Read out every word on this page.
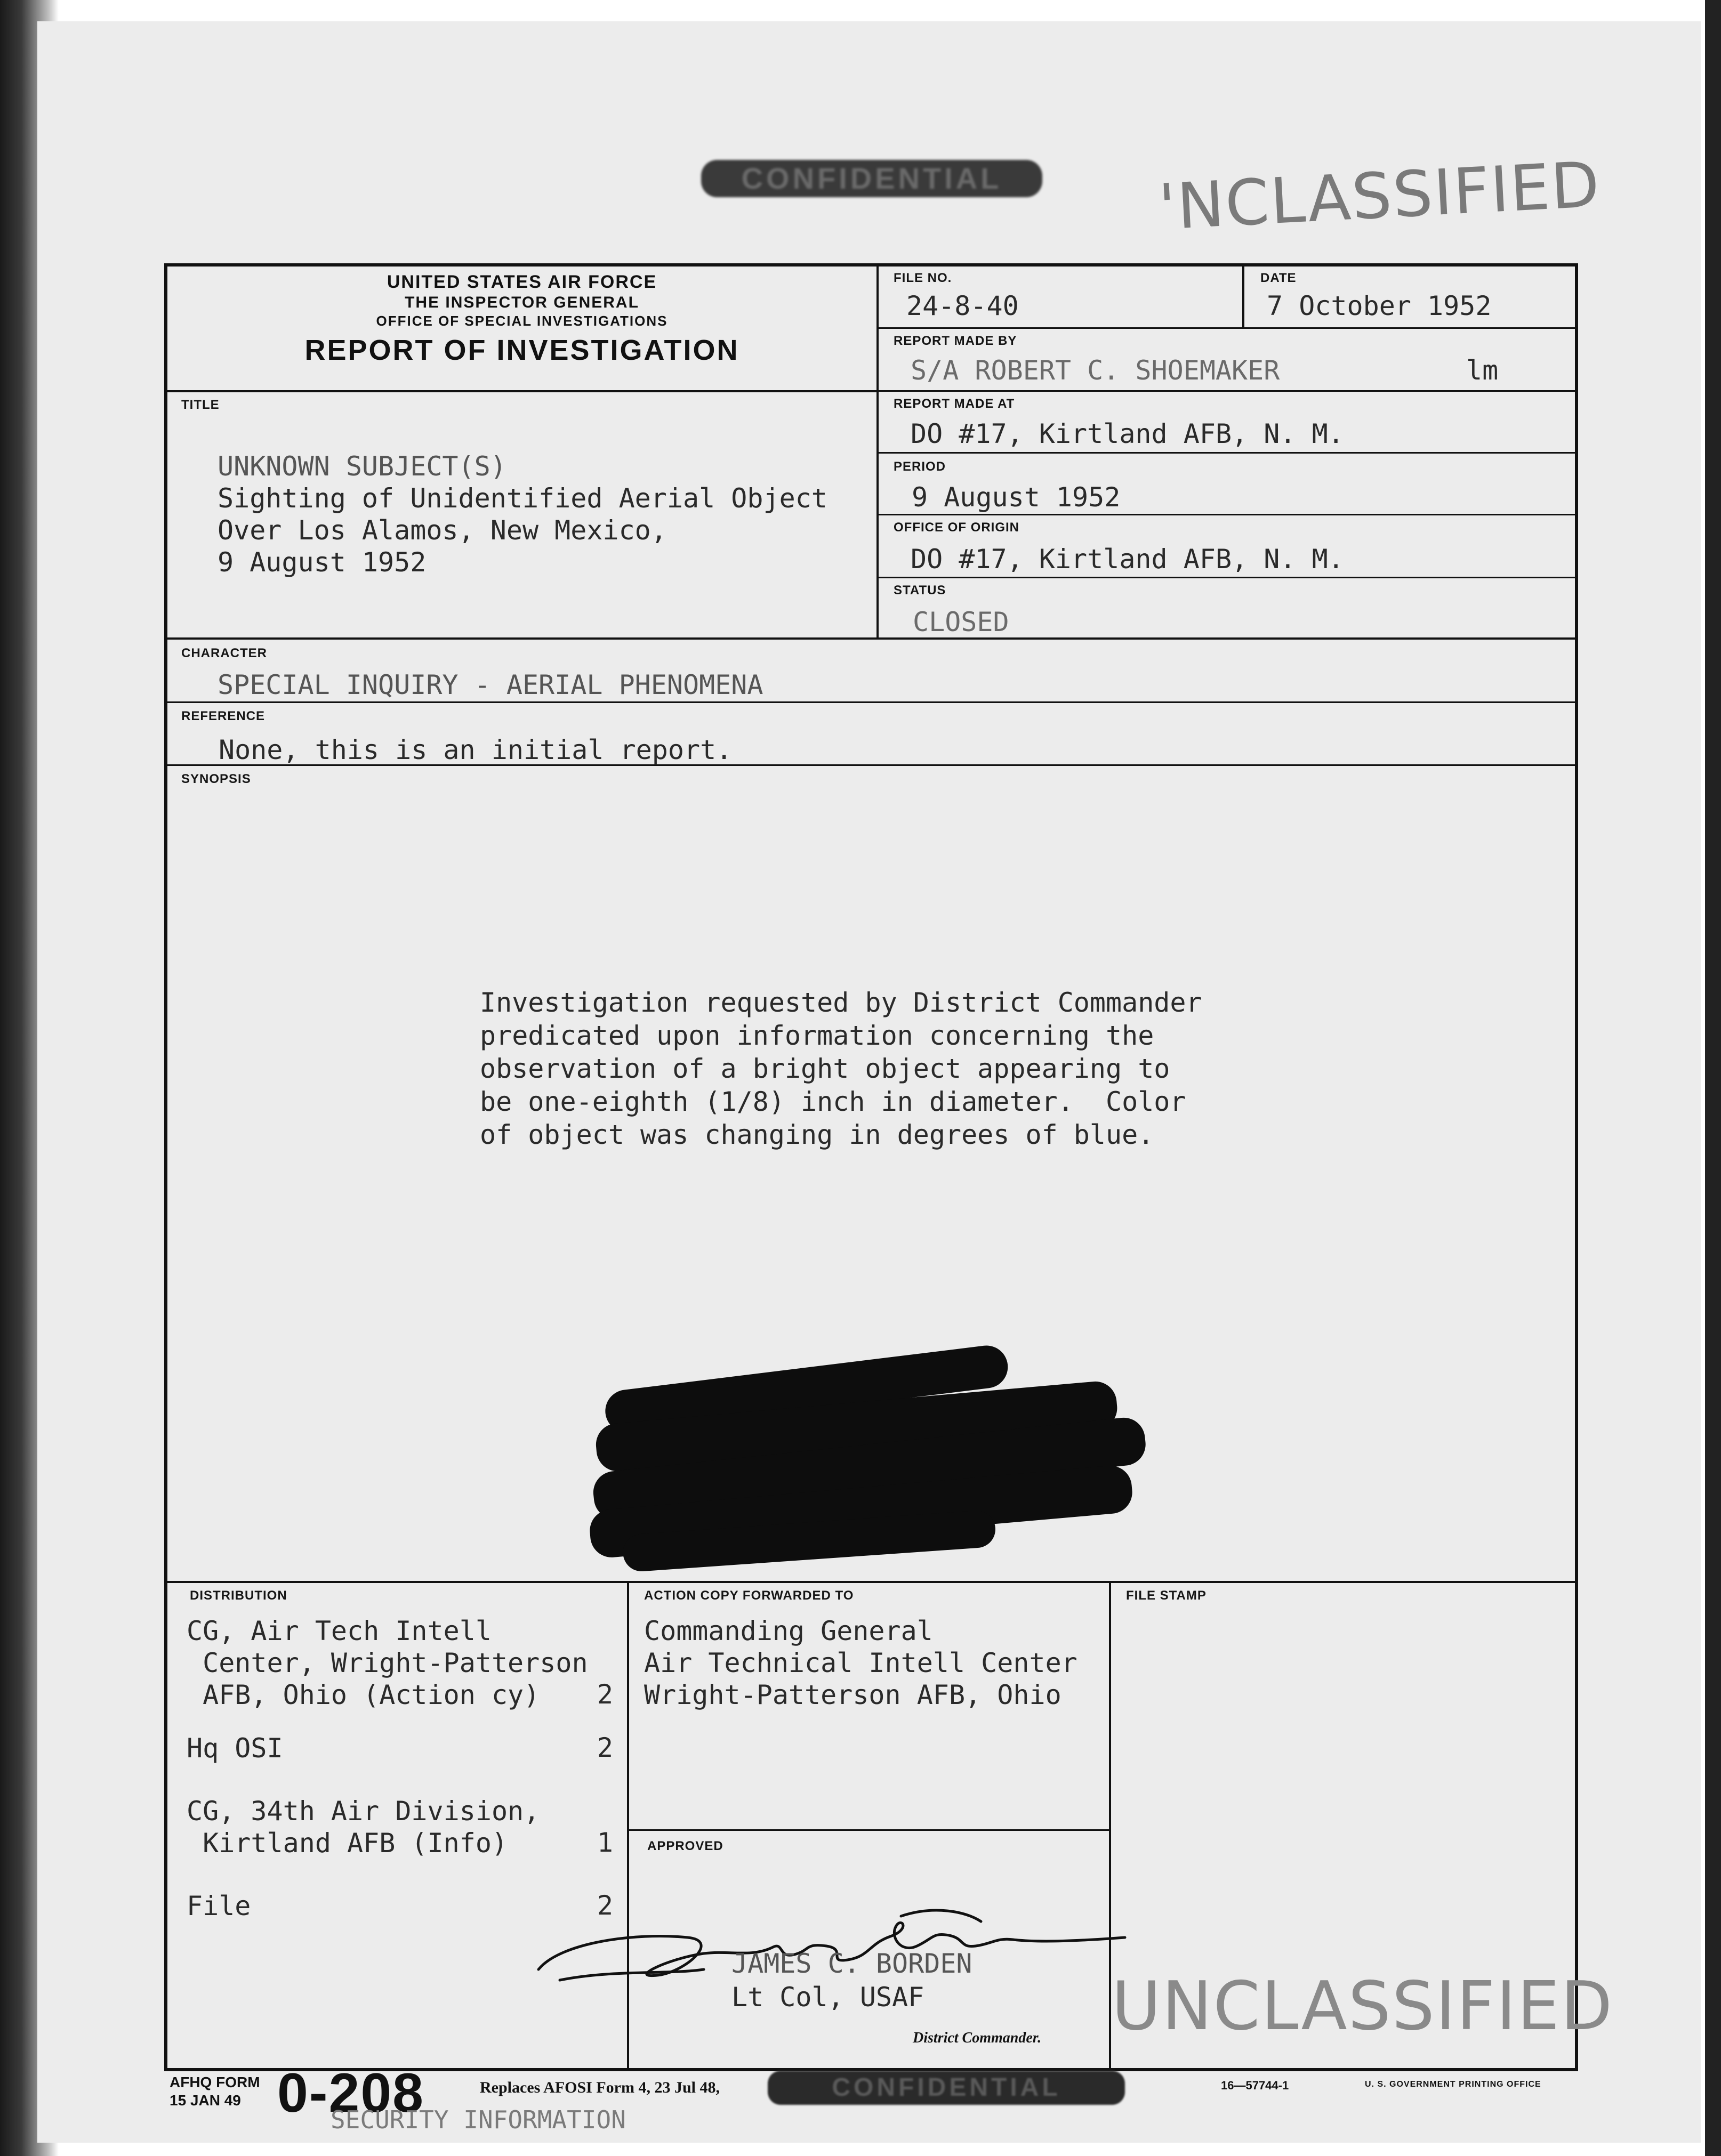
CONFIDENTIAL	'NCLASSIFIED
UNITED STATES AIR FORCE
THE INSPECTOR GENERAL
OFFICE OF SPECIAL INVESTIGATIONS
REPORT OF INVESTIGATION
FILE NO.
24-8-40
DATE
7 October 1952
REPORT MADE BY
S/A ROBERT C. SHOEMAKER	lm
REPORT MADE AT
DO #17, Kirtland AFB, N. M.
PERIOD
9 August 1952
OFFICE OF ORIGIN
DO #17, Kirtland AFB, N. M.
STATUS
CLOSED
TITLE
UNKNOWN SUBJECT(S)
Sighting of Unidentified Aerial Object
Over Los Alamos, New Mexico,
9 August 1952
CHARACTER
SPECIAL INQUIRY - AERIAL PHENOMENA
REFERENCE
None, this is an initial report.
SYNOPSIS
Investigation requested by District Commander
predicated upon information concerning the
observation of a bright object appearing to
be one-eighth (1/8) inch in diameter.  Color
of object was changing in degrees of blue.
DISTRIBUTION
CG, Air Tech Intell
Center, Wright-Patterson
AFB, Ohio (Action cy)	2
Hq OSI	2
CG, 34th Air Division,
Kirtland AFB (Info)	1
File	2
ACTION COPY FORWARDED TO
Commanding General
Air Technical Intell Center
Wright-Patterson AFB, Ohio
FILE STAMP
APPROVED
JAMES C. BORDEN
Lt Col, USAF
District Commander. UNCLASSIFIED
AFHQ FORM
15 JAN 49 0-208	Replaces AFOSI Form 4, 23 Jul 48,	CONFIDENTIAL	16—57744-1	U. S. GOVERNMENT PRINTING OFFICE
SECURITY INFORMATION
